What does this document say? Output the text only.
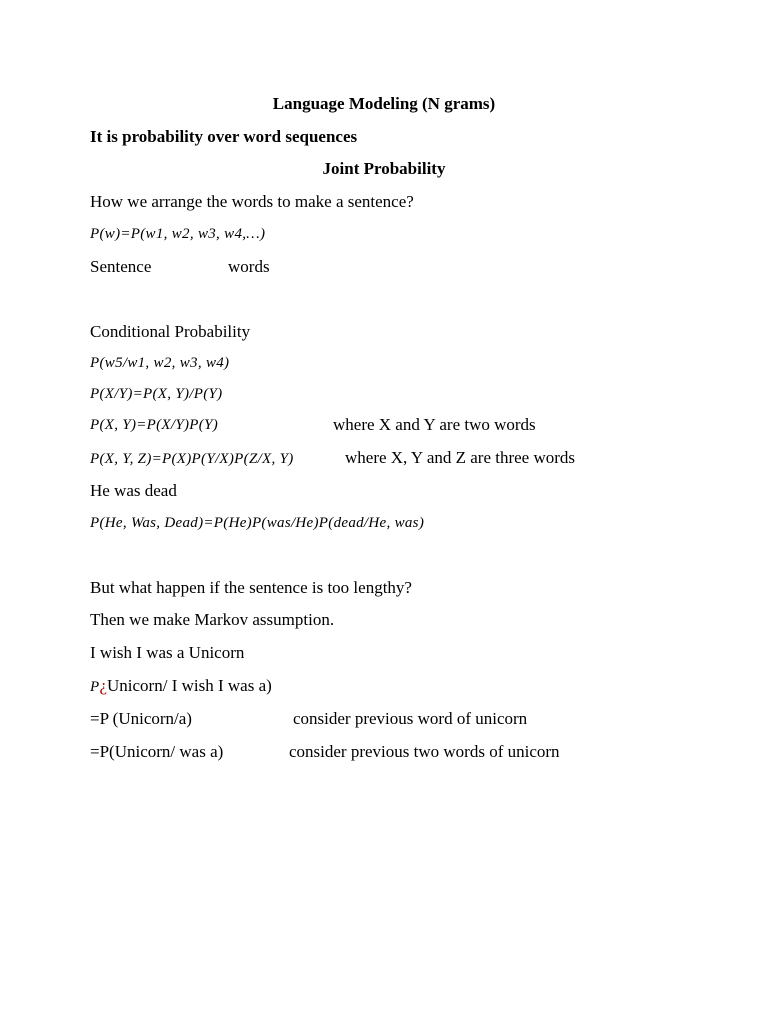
Language Modeling (N grams)
It is probability over word sequences
Joint Probability
How we arrange the words to make a sentence?
P(w)=P(w1, w2, w3, w4,…)
Sentence	words
Conditional Probability
P(w5/w1, w2, w3, w4)
P(X/Y)=P(X, Y)/P(Y)
P(X, Y)=P(X/Y)P(Y)	where X and Y are two words
P(X, Y, Z)=P(X)P(Y/X)P(Z/X, Y)	where X, Y and Z are three words
He was dead
P(He, Was, Dead)=P(He)P(was/He)P(dead/He, was)
But what happen if the sentence is too lengthy?
Then we make Markov assumption.
I wish I was a Unicorn
P¿Unicorn/ I wish I was a)
=P (Unicorn/a)	consider previous word of unicorn
=P(Unicorn/ was a)	consider previous two words of unicorn
